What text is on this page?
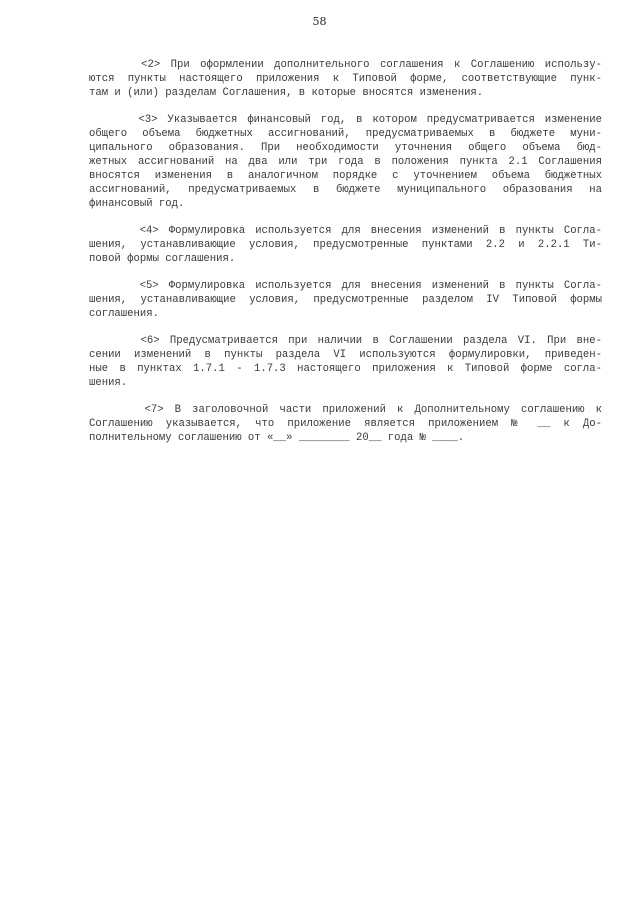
58
<2> При оформлении дополнительного соглашения к Соглашению использу-
ются пункты настоящего приложения к Типовой форме, соответствующие пунк-
там и (или) разделам Соглашения, в которые вносятся изменения.
<3> Указывается финансовый год, в котором предусматривается изменение
общего объема бюджетных ассигнований, предусматриваемых в бюджете муни-
ципального образования. При необходимости уточнения общего объема бюд-
жетных ассигнований на два или три года в положения пункта 2.1 Соглашения
вносятся изменения в аналогичном порядке с уточнением объема бюджетных
ассигнований, предусматриваемых в бюджете муниципального образования на
финансовый год.
<4> Формулировка используется для внесения изменений в пункты Согла-
шения, устанавливающие условия, предусмотренные пунктами 2.2 и 2.2.1 Ти-
повой формы соглашения.
<5> Формулировка используется для внесения изменений в пункты Согла-
шения, устанавливающие условия, предусмотренные разделом IV Типовой формы
соглашения.
<6> Предусматривается при наличии в Соглашении раздела VI. При вне-
сении изменений в пункты раздела VI используются формулировки, приведен-
ные в пунктах 1.7.1 - 1.7.3 настоящего приложения к Типовой форме согла-
шения.
<7> В заголовочной части приложений к Дополнительному соглашению к
Соглашению указывается, что приложение является приложением № __ к До-
полнительному соглашению от «__» ________ 20__ года № ____.
